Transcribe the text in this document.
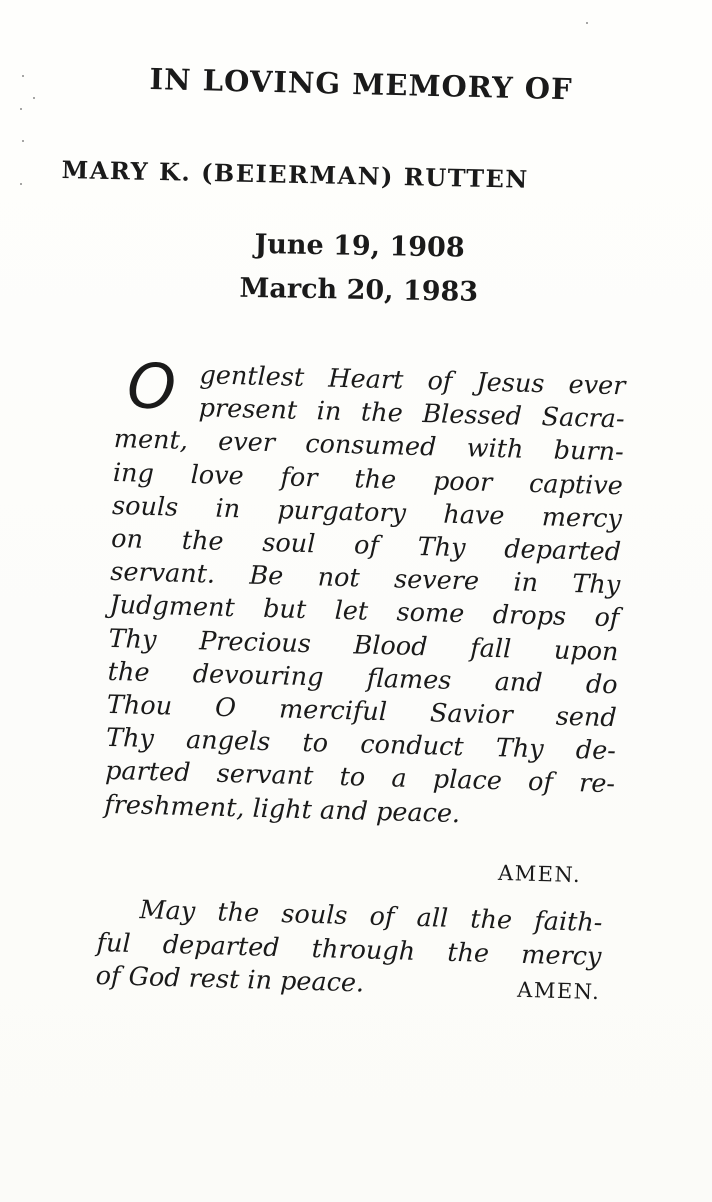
IN LOVING MEMORY OF
MARY K. (BEIERMAN) RUTTEN
June 19, 1908
March 20, 1983
O gentlest Heart of Jesus ever
present in the Blessed Sacra-
ment, ever consumed with burn-
ing love for the poor captive
souls in purgatory have mercy
on the soul of Thy departed
servant. Be not severe in Thy
Judgment but let some drops of
Thy Precious Blood fall upon
the devouring flames and do
Thou O merciful Savior send
Thy angels to conduct Thy de-
parted servant to a place of re-
freshment, light and peace.
AMEN.
May the souls of all the faith-
ful departed through the mercy
of God rest in peace.	AMEN.
